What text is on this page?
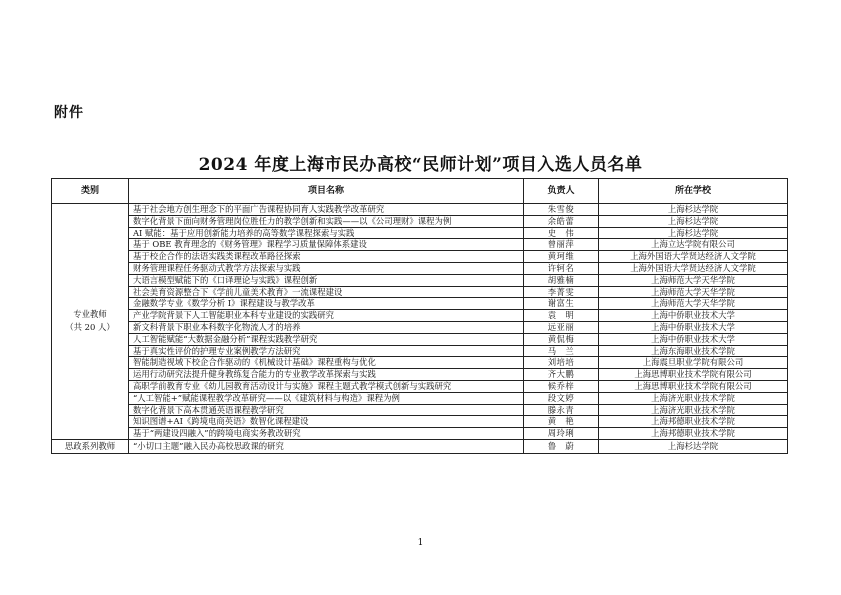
附件
2024 年度上海市民办高校“民师计划”项目入选人员名单
类别	项目名称	负责人	所在学校

专业教师
（共 20 人）	基于社会地方创生理念下的平面广告课程协同育人实践教学改革研究	朱雪俊	上海杉达学院
	数字化背景下面向财务管理岗位胜任力的教学创新和实践——以《公司理财》课程为例	余皓蕾	上海杉达学院
	AI 赋能：基于应用创新能力培养的高等数学课程探索与实践	史　伟	上海杉达学院
	基于 OBE 教育理念的《财务管理》课程学习质量保障体系建设	曾丽萍	上海立达学院有限公司
	基于校企合作的法语实践类课程改革路径探索	黄珂维	上海外国语大学贤达经济人文学院
	财务管理课程任务驱动式教学方法探索与实践	许轲名	上海外国语大学贤达经济人文学院
	大语言模型赋能下的《口译理论与实践》课程创新	胡雅楠	上海师范大学天华学院
	社会美育资源整合下《学前儿童美术教育》一流课程建设	李菁雯	上海师范大学天华学院
	金融数学专业《数学分析 I》课程建设与教学改革	谢富生	上海师范大学天华学院
	产业学院背景下人工智能职业本科专业建设的实践研究	袁　明	上海中侨职业技术大学
	新文科背景下职业本科数字化物流人才的培养	远亚丽	上海中侨职业技术大学
	人工智能赋能“大数据金融分析”课程实践教学研究	黄侃梅	上海中侨职业技术大学
	基于真实性评价的护理专业案例教学方法研究	马　兰	上海东海职业技术学院
	智能制造视域下校企合作驱动的《机械设计基础》课程重构与优化	刘培培	上海震旦职业学院有限公司
	运用行动研究法提升健身教练复合能力的专业教学改革探索与实践	齐大鹏	上海思博职业技术学院有限公司
	高职学前教育专业《幼儿园教育活动设计与实施》课程主题式教学模式创新与实践研究	候乔梓	上海思博职业技术学院有限公司
	“人工智能+”赋能课程教学改革研究——以《建筑材料与构造》课程为例	段文婷	上海济光职业技术学院
	数字化背景下高本贯通英语课程教学研究	滕永青	上海济光职业技术学院
	知识图谱+AI《跨境电商英语》数智化课程建设	黄　艳	上海邦德职业技术学院
	基于“两建设四融入”的跨境电商实务教改研究	周玲琍	上海邦德职业技术学院

思政系列教师	“小切口主题”融入民办高校思政课的研究	鲁　蔚	上海杉达学院
1
